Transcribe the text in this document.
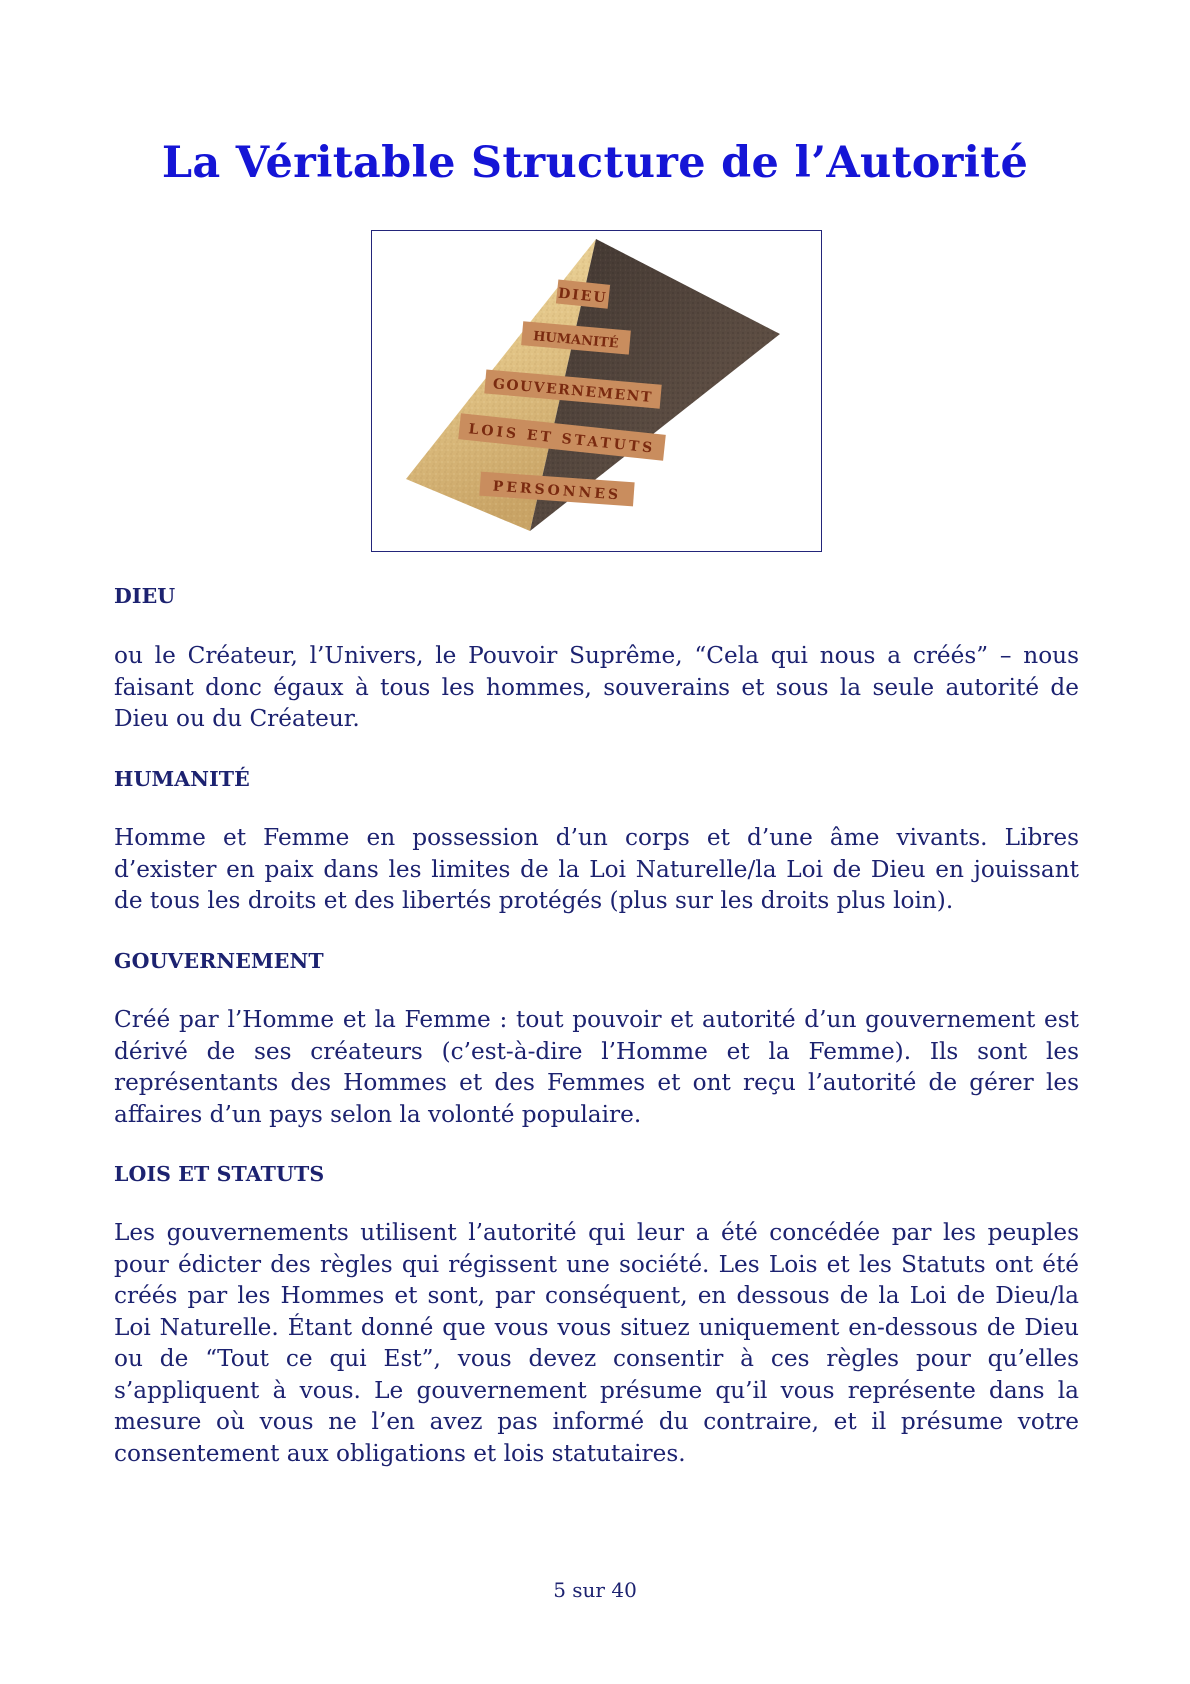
La Véritable Structure de l’Autorité
DIEU
HUMANITÉ
GOUVERNEMENT
LOIS ET STATUTS
PERSONNES
DIEU
ou le Créateur, l’Univers, le Pouvoir Suprême, “Cela qui nous a créés” – nous faisant donc égaux à tous les hommes, souverains et sous la seule autorité de Dieu ou du Créateur.
HUMANITÉ
Homme et Femme en possession d’un corps et d’une âme vivants. Libres d’exister en paix dans les limites de la Loi Naturelle/la Loi de Dieu en jouissant de tous les droits et des libertés protégés (plus sur les droits plus loin).
GOUVERNEMENT
Créé par l’Homme et la Femme : tout pouvoir et autorité d’un gouvernement est dérivé de ses créateurs (c’est-à-dire l’Homme et la Femme). Ils sont les représentants des Hommes et des Femmes et ont reçu l’autorité de gérer les affaires d’un pays selon la volonté populaire.
LOIS ET STATUTS
Les gouvernements utilisent l’autorité qui leur a été concédée par les peuples pour édicter des règles qui régissent une société. Les Lois et les Statuts ont été créés par les Hommes et sont, par conséquent, en dessous de la Loi de Dieu/la Loi Naturelle. Étant donné que vous vous situez uniquement en-dessous de Dieu ou de “Tout ce qui Est”, vous devez consentir à ces règles pour qu’elles s’appliquent à vous. Le gouvernement présume qu’il vous représente dans la mesure où vous ne l’en avez pas informé du contraire, et il présume votre consentement aux obligations et lois statutaires.
5 sur 40
